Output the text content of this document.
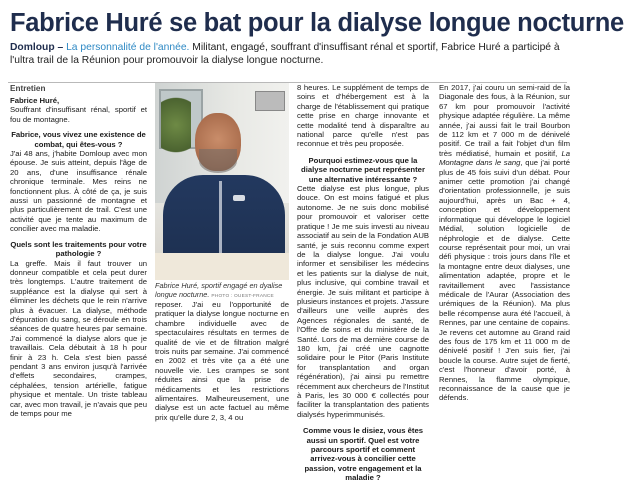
Fabrice Huré se bat pour la dialyse longue nocturne
Domloup – La personnalité de l'année. Militant, engagé, souffrant d'insuffisant rénal et sportif, Fabrice Huré a participé à l'ultra trail de la Réunion pour promouvoir la dialyse longue nocturne.
Entretien

Fabrice Huré,

Souffrant d'insuffisant rénal, sportif et fou de montagne.

Fabrice, vous vivez une existence de combat, qui êtes-vous ?

J'ai 48 ans, j'habite Domloup avec mon épouse. Je suis atteint, depuis l'âge de 20 ans, d'une insuffisance rénale chronique terminale. Mes reins ne fonctionnent plus. À côté de ça, je suis aussi un passionné de montagne et plus particulièrement de trail. C'est une activité que je tente au maximum de concilier avec ma maladie.

Quels sont les traitements pour votre pathologie ?

La greffe. Mais il faut trouver un donneur compatible et cela peut durer très longtemps. L'autre traitement de suppléance est la dialyse qui sert à éliminer les déchets que le rein n'arrive plus à évacuer. La dialyse, méthode d'épuration du sang, se déroule en trois séances de quatre heures par semaine. J'ai commencé la dialyse alors que je travaillais. Cela débutait à 18 h pour finir à 23 h. Cela s'est bien passé pendant 3 ans environ jusqu'à l'arrivée d'effets secondaires, crampes, céphalées, tension artérielle, fatigue physique et mentale. Un triste tableau car, avec mon travail, je n'avais que peu de temps pour me

Fabrice Huré, sportif engagé en dyalise longue nocturne. PHOTO : OUEST-FRANCE

reposer. J'ai eu l'opportunité de pratiquer la dialyse longue nocturne en chambre individuelle avec de spectaculaires résultats en termes de qualité de vie et de filtration malgré trois nuits par semaine. J'ai commencé en 2002 et très vite ça a été une nouvelle vie. Les crampes se sont réduites ainsi que la prise de médicaments et les restrictions alimentaires. Malheureusement, une dialyse est un acte factuel au même prix qu'elle dure 2, 3, 4 ou

8 heures. Le supplément de temps de soins et d'hébergement est à la charge de l'établissement qui pratique cette prise en charge innovante et cette modalité tend à disparaître au national parce qu'elle n'est pas reconnue et très peu proposée.

Pourquoi estimez-vous que la dialyse nocturne peut représenter une alternative intéressante ?

Cette dialyse est plus longue, plus douce. On est moins fatigué et plus autonome. Je ne suis donc mobilisé pour promouvoir et valoriser cette pratique ! Je me suis investi au niveau associatif au sein de la Fondation AUB santé, je suis reconnu comme expert de la dialyse longue. J'ai voulu informer et sensibiliser les médecins et les patients sur la dialyse de nuit, plus inclusive, qui combine travail et énergie. Je suis militant et participe à plusieurs instances et projets. J'assure d'ailleurs une veille auprès des Agences régionales de santé, de l'Offre de soins et du ministère de la Santé. Lors de ma dernière course de 180 km, j'ai créé une cagnotte solidaire pour le Pitor (Paris Institute for transplantation and organ régénération), j'ai ainsi pu remettre récemment aux chercheurs de l'Institut à Paris, les 30 000 € collectés pour faciliter la transplantation des patients dialysés hyperimmunisés.

Comme vous le disiez, vous êtes aussi un sportif. Quel est votre parcours sportif et comment arrivez-vous à concilier cette passion, votre engagement et la maladie ?

En 2017, j'ai couru un semi-raid de la Diagonale des fous, à la Réunion, sur 67 km pour promouvoir l'activité physique adaptée régulière. La même année, j'ai aussi fait le trail Bourbon de 112 km et 7 000 m de dénivelé positif. Ce trail a fait l'objet d'un film très médiatisé, humain et positif, La Montagne dans le sang, que j'ai porté plus de 45 fois suivi d'un débat. Pour animer cette promotion j'ai changé d'orientation professionnelle, je suis aujourd'hui, après un Bac + 4, conception et développement informatique qui développe le logiciel Médial, solution logicielle de néphrologie et de dialyse. Cette course représentait pour moi, un vrai défi physique : trois jours dans l'île et la montagne entre deux dialyses, une alimentation adaptée, propre et le ravitaillement avec l'assistance médicale de l'Aurar (Association des urémiques de la Réunion). Ma plus belle récompense aura été l'accueil, à Rennes, par une centaine de copains. Je revens cet automne au Grand raid des fous de 175 km et 11 000 m de dénivelé positif ! J'en suis fier, j'ai boucle la course. Autre sujet de fierté, c'est l'honneur d'avoir porté, à Rennes, la flamme olympique, reconnaissance de la cause que je défends.
